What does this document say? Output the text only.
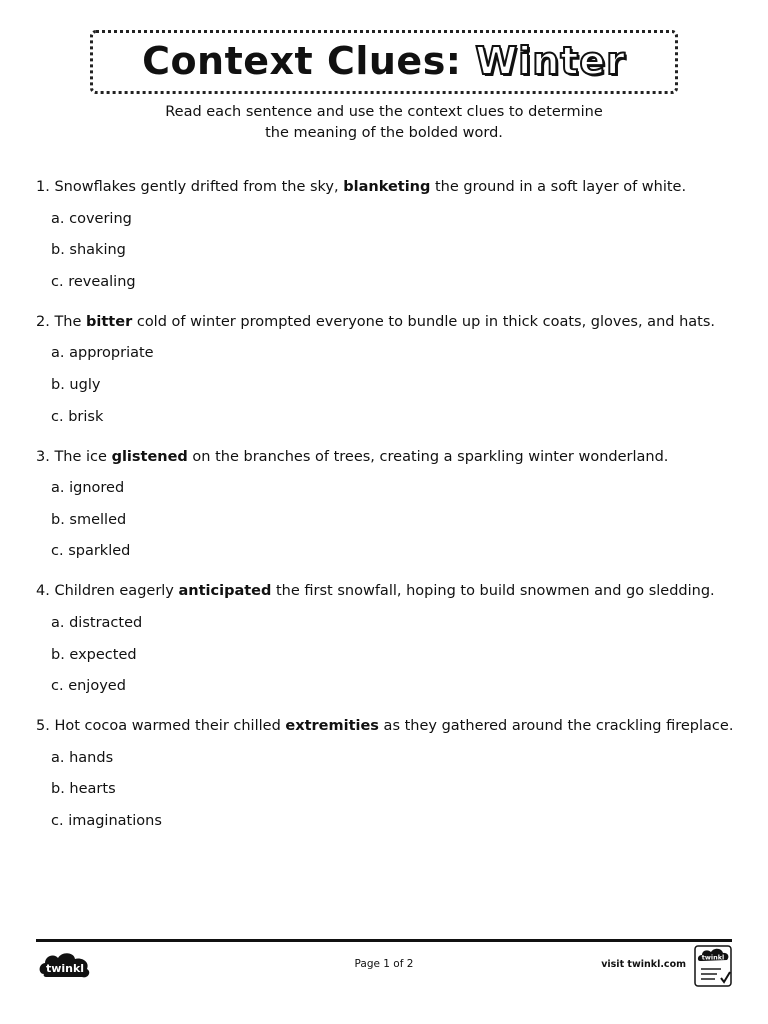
Context Clues: Winter
Read each sentence and use the context clues to determine
the meaning of the bolded word.
1. Snowflakes gently drifted from the sky, blanketing the ground in a soft layer of white.
a. covering
b. shaking
c. revealing
2. The bitter cold of winter prompted everyone to bundle up in thick coats, gloves, and hats.
a. appropriate
b. ugly
c. brisk
3. The ice glistened on the branches of trees, creating a sparkling winter wonderland.
a. ignored
b. smelled
c. sparkled
4. Children eagerly anticipated the first snowfall, hoping to build snowmen and go sledding.
a. distracted
b. expected
c. enjoyed
5. Hot cocoa warmed their chilled extremities as they gathered around the crackling fireplace.
a. hands
b. hearts
c. imaginations
twinkl	Page 1 of 2	visit twinkl.com
twinkl
